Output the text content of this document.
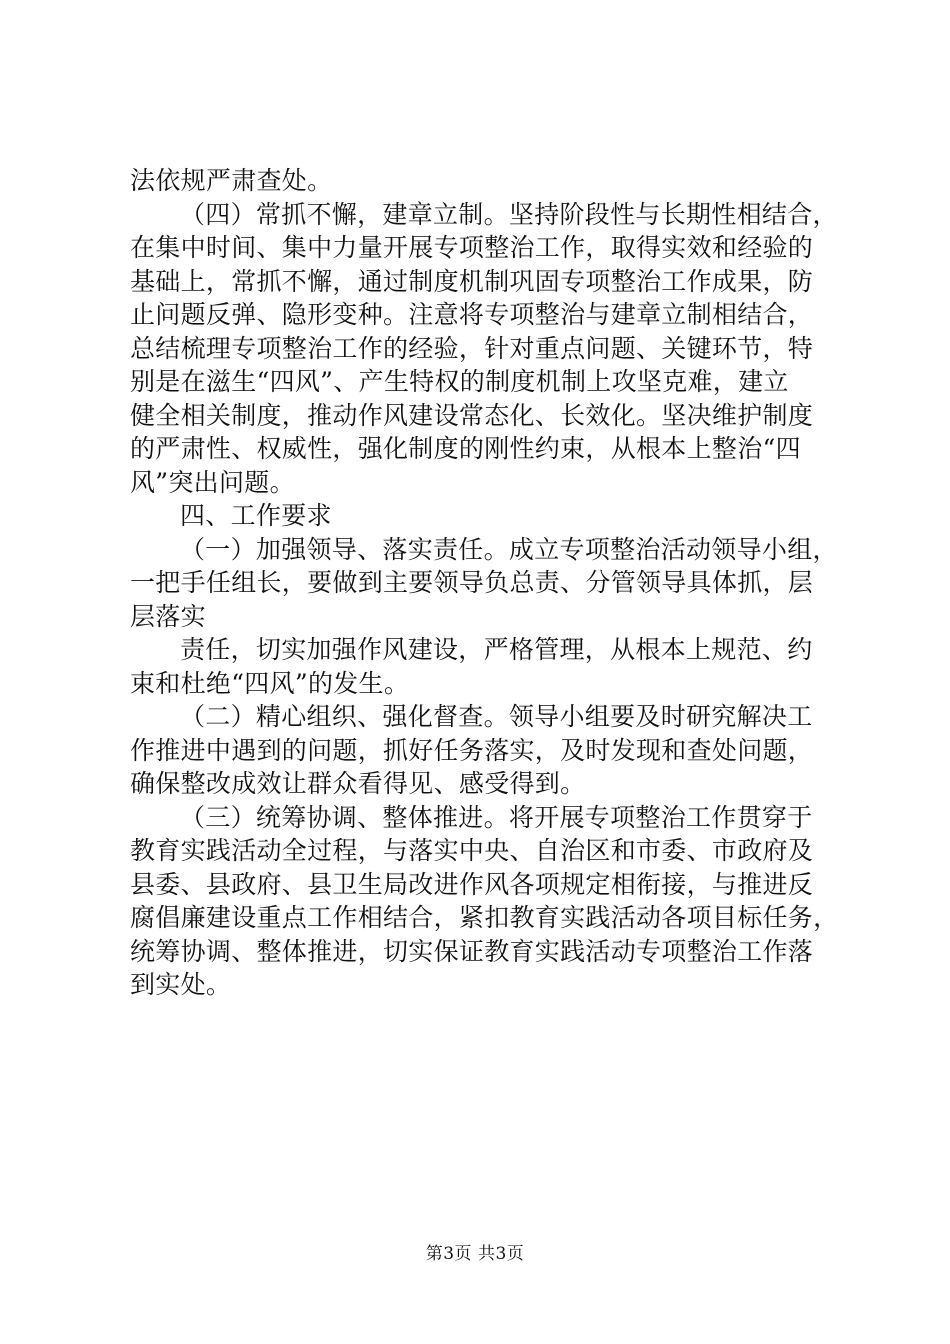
法依规严肃查处。
（四）常抓不懈，建章立制。坚持阶段性与长期性相结合，
在集中时间、集中力量开展专项整治工作，取得实效和经验的
基础上，常抓不懈，通过制度机制巩固专项整治工作成果，防
止问题反弹、隐形变种。注意将专项整治与建章立制相结合，
总结梳理专项整治工作的经验，针对重点问题、关键环节，特
别是在滋生“四风”、产生特权的制度机制上攻坚克难，建立
健全相关制度，推动作风建设常态化、长效化。坚决维护制度
的严肃性、权威性，强化制度的刚性约束，从根本上整治“四
风”突出问题。
四、工作要求
（一）加强领导、落实责任。成立专项整治活动领导小组，
一把手任组长，要做到主要领导负总责、分管领导具体抓，层
层落实
责任，切实加强作风建设，严格管理，从根本上规范、约
束和杜绝“四风”的发生。
（二）精心组织、强化督查。领导小组要及时研究解决工
作推进中遇到的问题，抓好任务落实，及时发现和查处问题，
确保整改成效让群众看得见、感受得到。
（三）统筹协调、整体推进。将开展专项整治工作贯穿于
教育实践活动全过程，与落实中央、自治区和市委、市政府及
县委、县政府、县卫生局改进作风各项规定相衔接，与推进反
腐倡廉建设重点工作相结合，紧扣教育实践活动各项目标任务，
统筹协调、整体推进，切实保证教育实践活动专项整治工作落
到实处。
第3页 共3页
